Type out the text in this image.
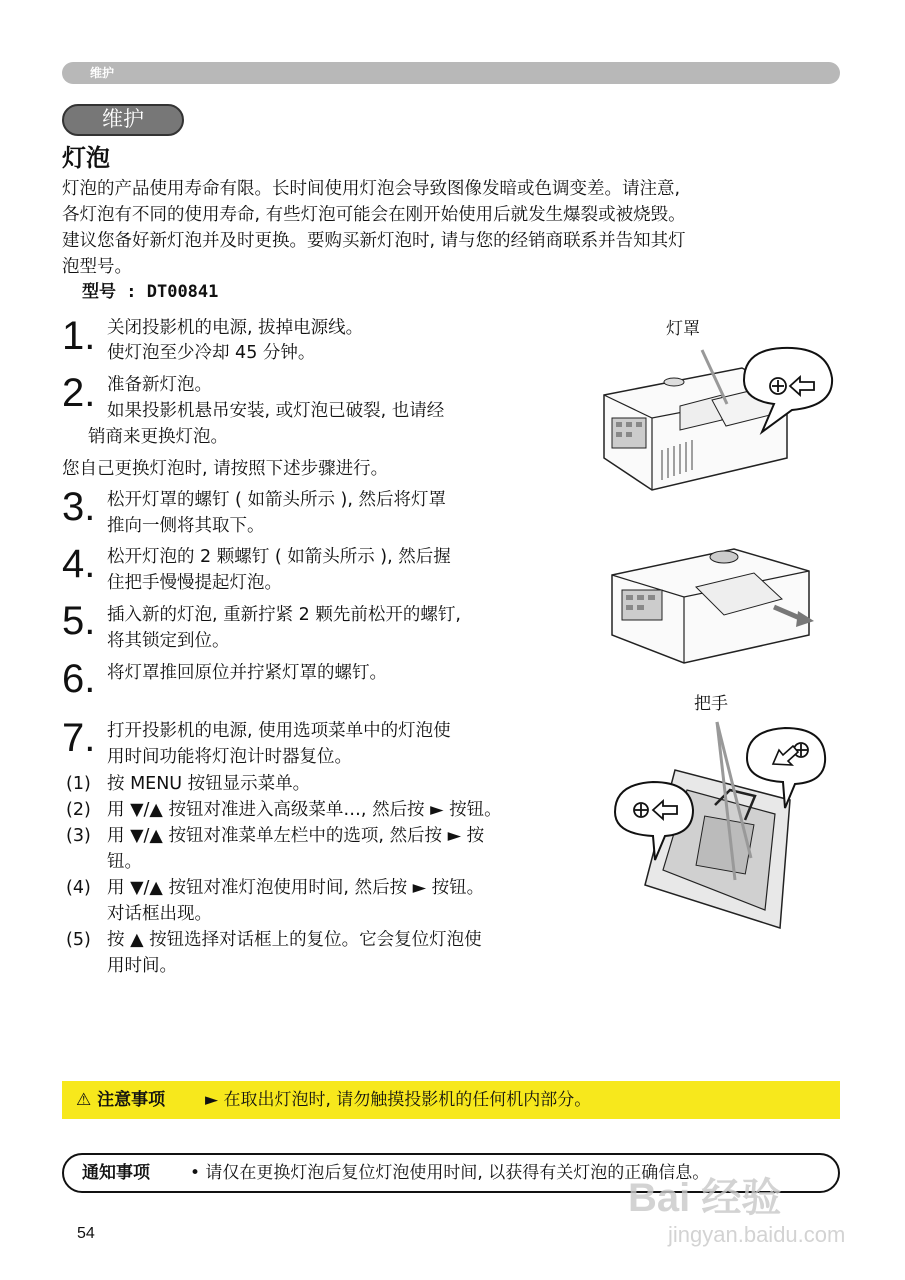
维护
维护
灯泡
灯泡的产品使用寿命有限。长时间使用灯泡会导致图像发暗或色调变差。请注意,
各灯泡有不同的使用寿命, 有些灯泡可能会在刚开始使用后就发生爆裂或被烧毁。
建议您备好新灯泡并及时更换。要购买新灯泡时, 请与您的经销商联系并告知其灯
泡型号。
型号 : DT00841
1. 关闭投影机的电源, 拔掉电源线。
使灯泡至少冷却 45 分钟。
2. 准备新灯泡。
如果投影机悬吊安装, 或灯泡已破裂, 也请经
销商来更换灯泡。
您自己更换灯泡时, 请按照下述步骤进行。
3. 松开灯罩的螺钉 ( 如箭头所示 ), 然后将灯罩
推向一侧将其取下。
4. 松开灯泡的 2 颗螺钉 ( 如箭头所示 ), 然后握
住把手慢慢提起灯泡。
5. 插入新的灯泡, 重新拧紧 2 颗先前松开的螺钉,
将其锁定到位。
6. 将灯罩推回原位并拧紧灯罩的螺钉。
7. 打开投影机的电源, 使用选项菜单中的灯泡使
用时间功能将灯泡计时器复位。
(1) 按 MENU 按钮显示菜单。
(2) 用 ▼/▲ 按钮对准进入高级菜单…, 然后按 ► 按钮。
(3) 用 ▼/▲ 按钮对准菜单左栏中的选项, 然后按 ► 按
钮。
(4) 用 ▼/▲ 按钮对准灯泡使用时间, 然后按 ► 按钮。
对话框出现。
(5) 按 ▲ 按钮选择对话框上的复位。它会复位灯泡使
用时间。
灯罩
把手
⚠ 注意事项 ► 在取出灯泡时, 请勿触摸投影机的任何机内部分。
通知事项 • 请仅在更换灯泡后复位灯泡使用时间, 以获得有关灯泡的正确信息。
Bai 经验
jingyan.baidu.com
54
